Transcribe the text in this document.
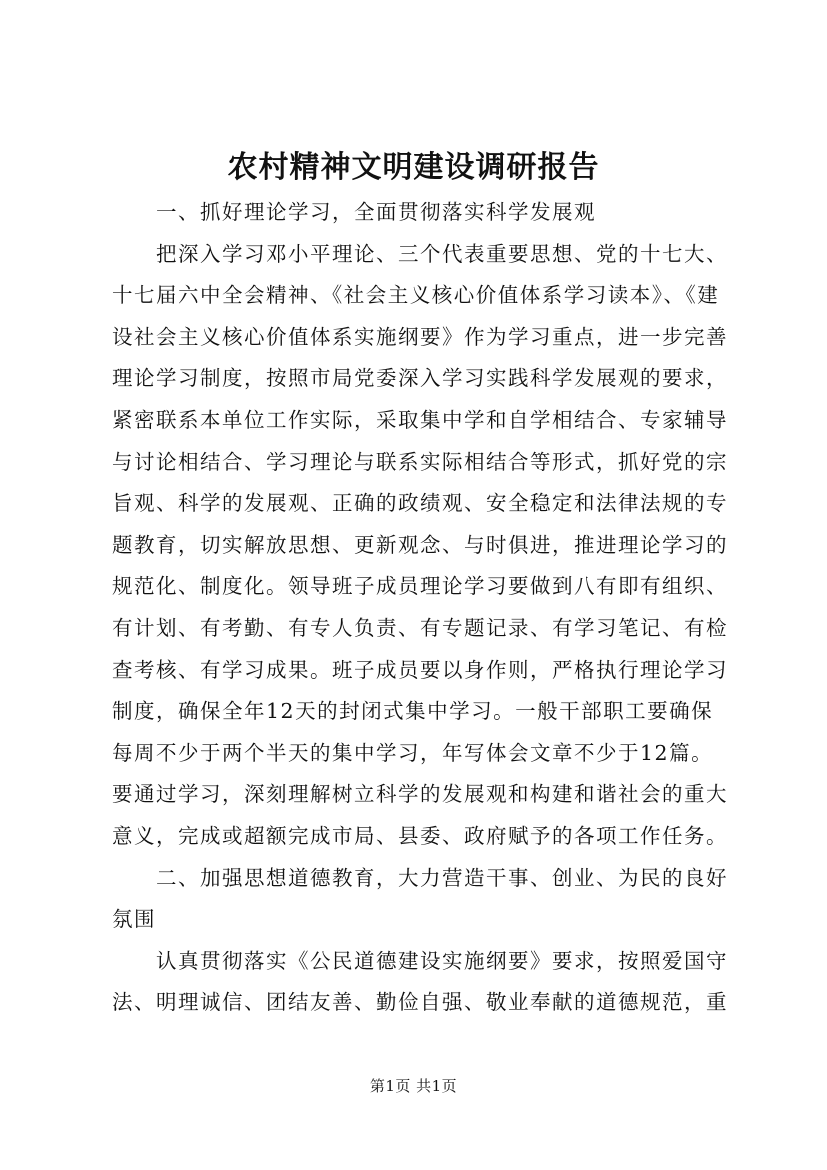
农村精神文明建设调研报告
一、抓好理论学习，全面贯彻落实科学发展观
把深入学习邓小平理论、三个代表重要思想、党的十七大、
十七届六中全会精神、《社会主义核心价值体系学习读本》、《建
设社会主义核心价值体系实施纲要》作为学习重点，进一步完善
理论学习制度，按照市局党委深入学习实践科学发展观的要求，
紧密联系本单位工作实际，采取集中学和自学相结合、专家辅导
与讨论相结合、学习理论与联系实际相结合等形式，抓好党的宗
旨观、科学的发展观、正确的政绩观、安全稳定和法律法规的专
题教育，切实解放思想、更新观念、与时俱进，推进理论学习的
规范化、制度化。领导班子成员理论学习要做到八有即有组织、
有计划、有考勤、有专人负责、有专题记录、有学习笔记、有检
查考核、有学习成果。班子成员要以身作则，严格执行理论学习
制度，确保全年12天的封闭式集中学习。一般干部职工要确保
每周不少于两个半天的集中学习，年写体会文章不少于12篇。
要通过学习，深刻理解树立科学的发展观和构建和谐社会的重大
意义，完成或超额完成市局、县委、政府赋予的各项工作任务。
二、加强思想道德教育，大力营造干事、创业、为民的良好
氛围
认真贯彻落实《公民道德建设实施纲要》要求，按照爱国守
法、明理诚信、团结友善、勤俭自强、敬业奉献的道德规范，重
第1页 共1页
